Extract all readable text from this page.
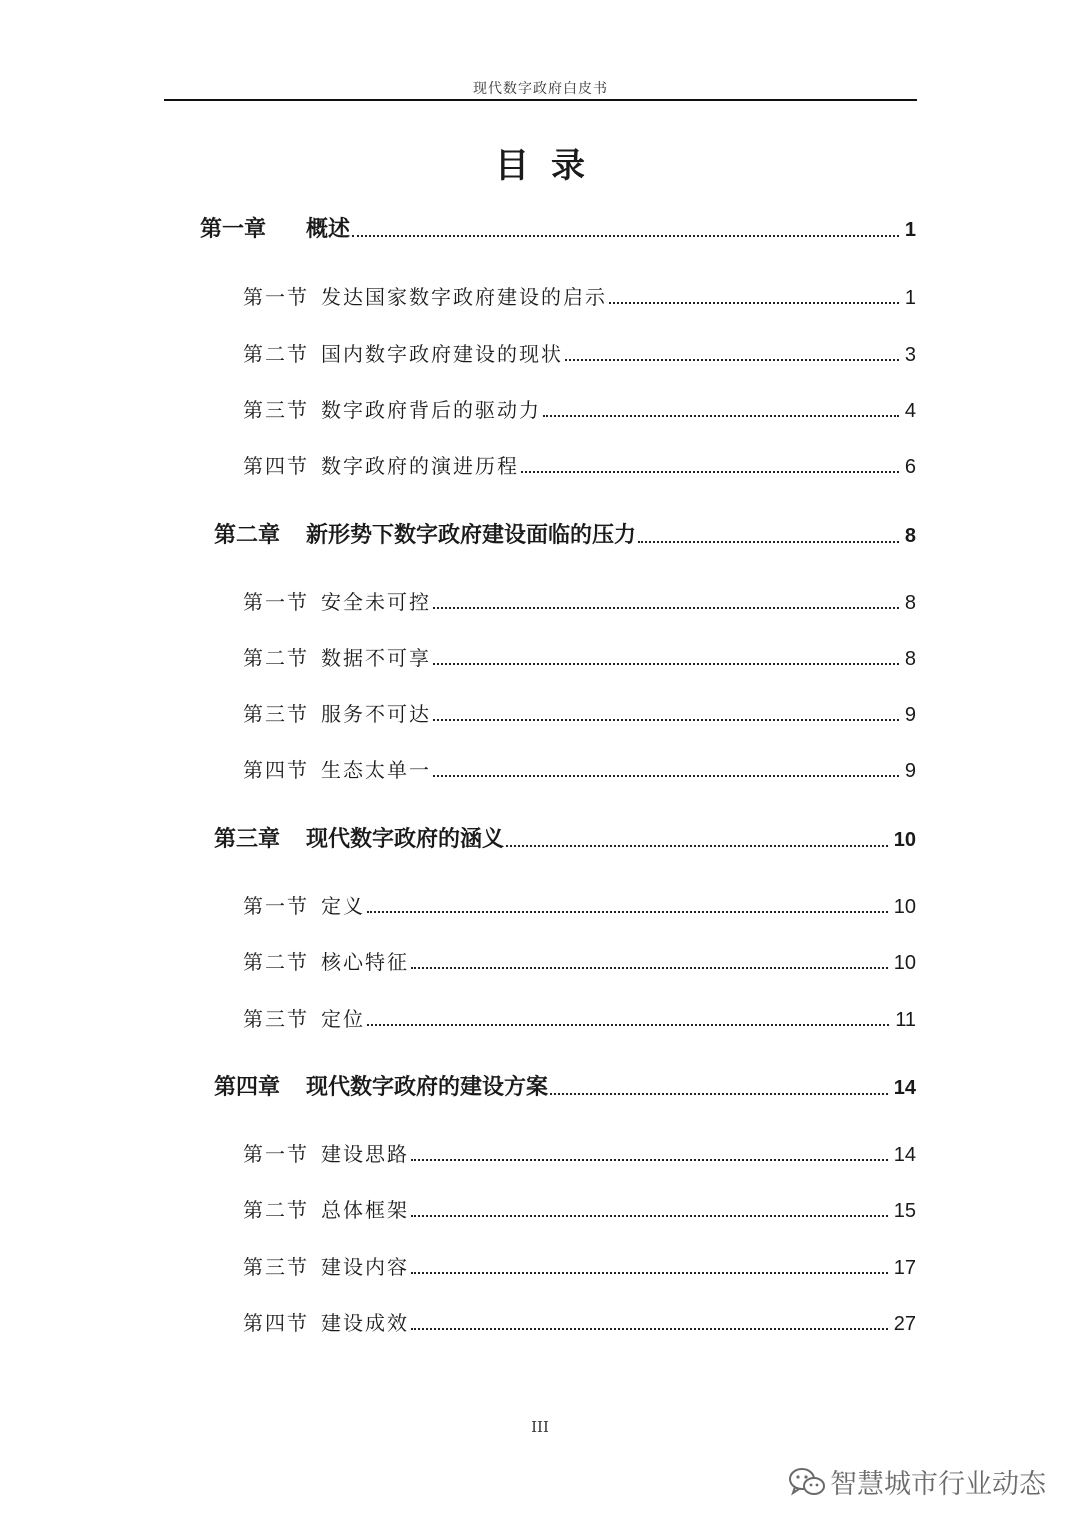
现代数字政府白皮书
目录
第一章 概述	1
第一节 发达国家数字政府建设的启示	1
第二节 国内数字政府建设的现状	3
第三节 数字政府背后的驱动力	4
第四节 数字政府的演进历程	6
第二章 新形势下数字政府建设面临的压力	8
第一节 安全未可控	8
第二节 数据不可享	8
第三节 服务不可达	9
第四节 生态太单一	9
第三章 现代数字政府的涵义	10
第一节 定义	10
第二节 核心特征	10
第三节 定位	11
第四章 现代数字政府的建设方案	14
第一节 建设思路	14
第二节 总体框架	15
第三节 建设内容	17
第四节 建设成效	27
III
智慧城市行业动态
